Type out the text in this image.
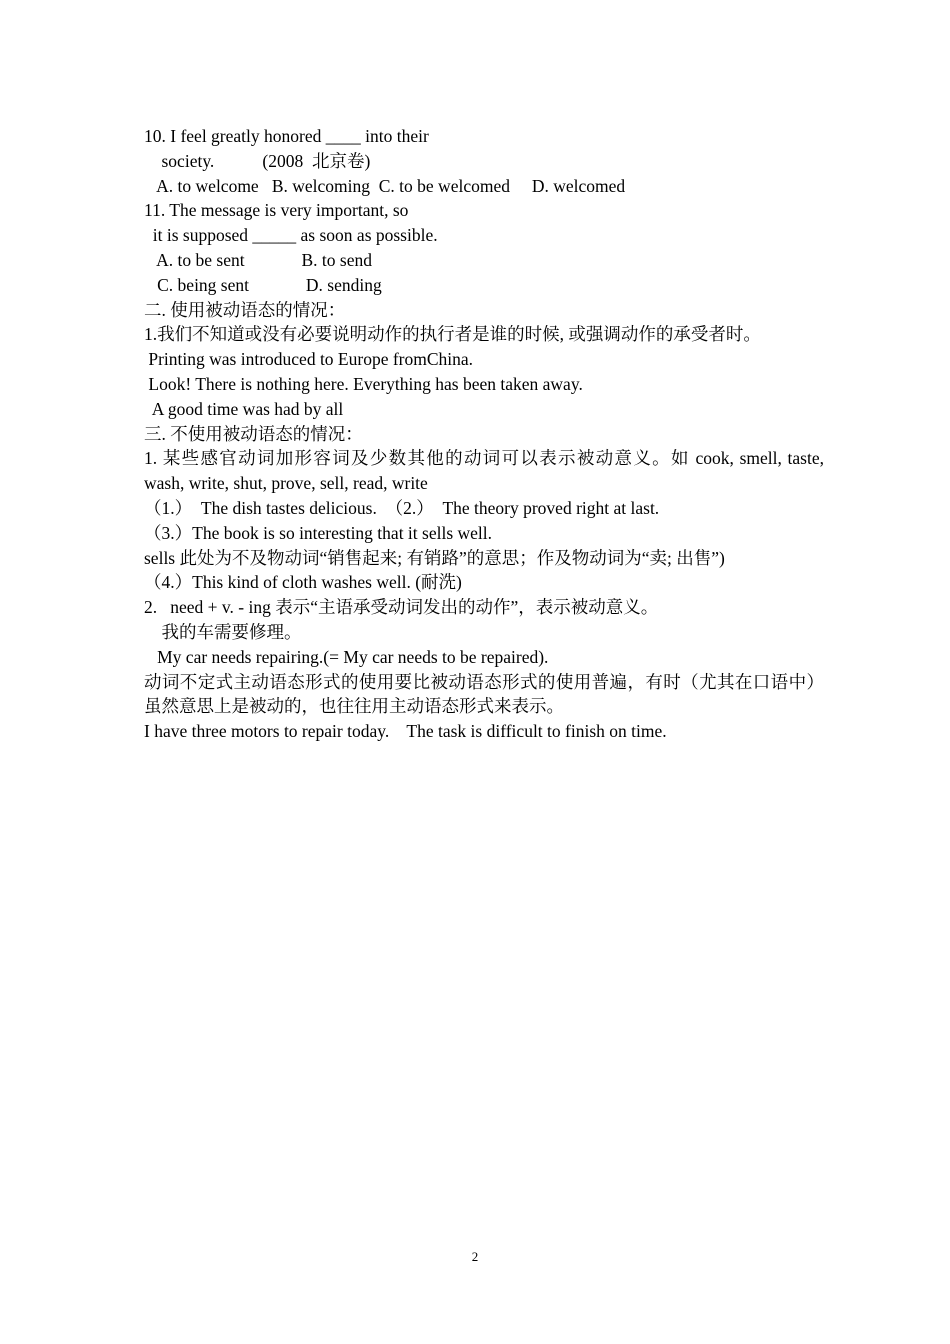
10. I feel greatly honored ____ into their
society.           (2008  北京卷)
A. to welcome   B. welcoming  C. to be welcomed     D. welcomed
11. The message is very important, so
it is supposed _____ as soon as possible.
A. to be sent             B. to send
C. being sent             D. sending
二. 使用被动语态的情况：
1.我们不知道或没有必要说明动作的执行者是谁的时候, 或强调动作的承受者时。
Printing was introduced to Europe fromChina.
Look! There is nothing here. Everything has been taken away.
A good time was had by all
三. 不使用被动语态的情况：
1. 某些感官动词加形容词及少数其他的动词可以表示被动意义。如 cook, smell, taste, wash, write, shut, prove, sell, read, write
（1.）  The dish tastes delicious.  （2.）  The theory proved right at last.
（3.）The book is so interesting that it sells well.
sells 此处为不及物动词“销售起来; 有销路”的意思；作及物动词为“卖; 出售”)
（4.）This kind of cloth washes well. (耐洗)
2.   need + v. - ing 表示“主语承受动词发出的动作”，表示被动意义。
我的车需要修理。
My car needs repairing.(= My car needs to be repaired).
动词不定式主动语态形式的使用要比被动语态形式的使用普遍，有时（尤其在口语中）虽然意思上是被动的，也往往用主动语态形式来表示。
I have three motors to repair today.    The task is difficult to finish on time.
2
